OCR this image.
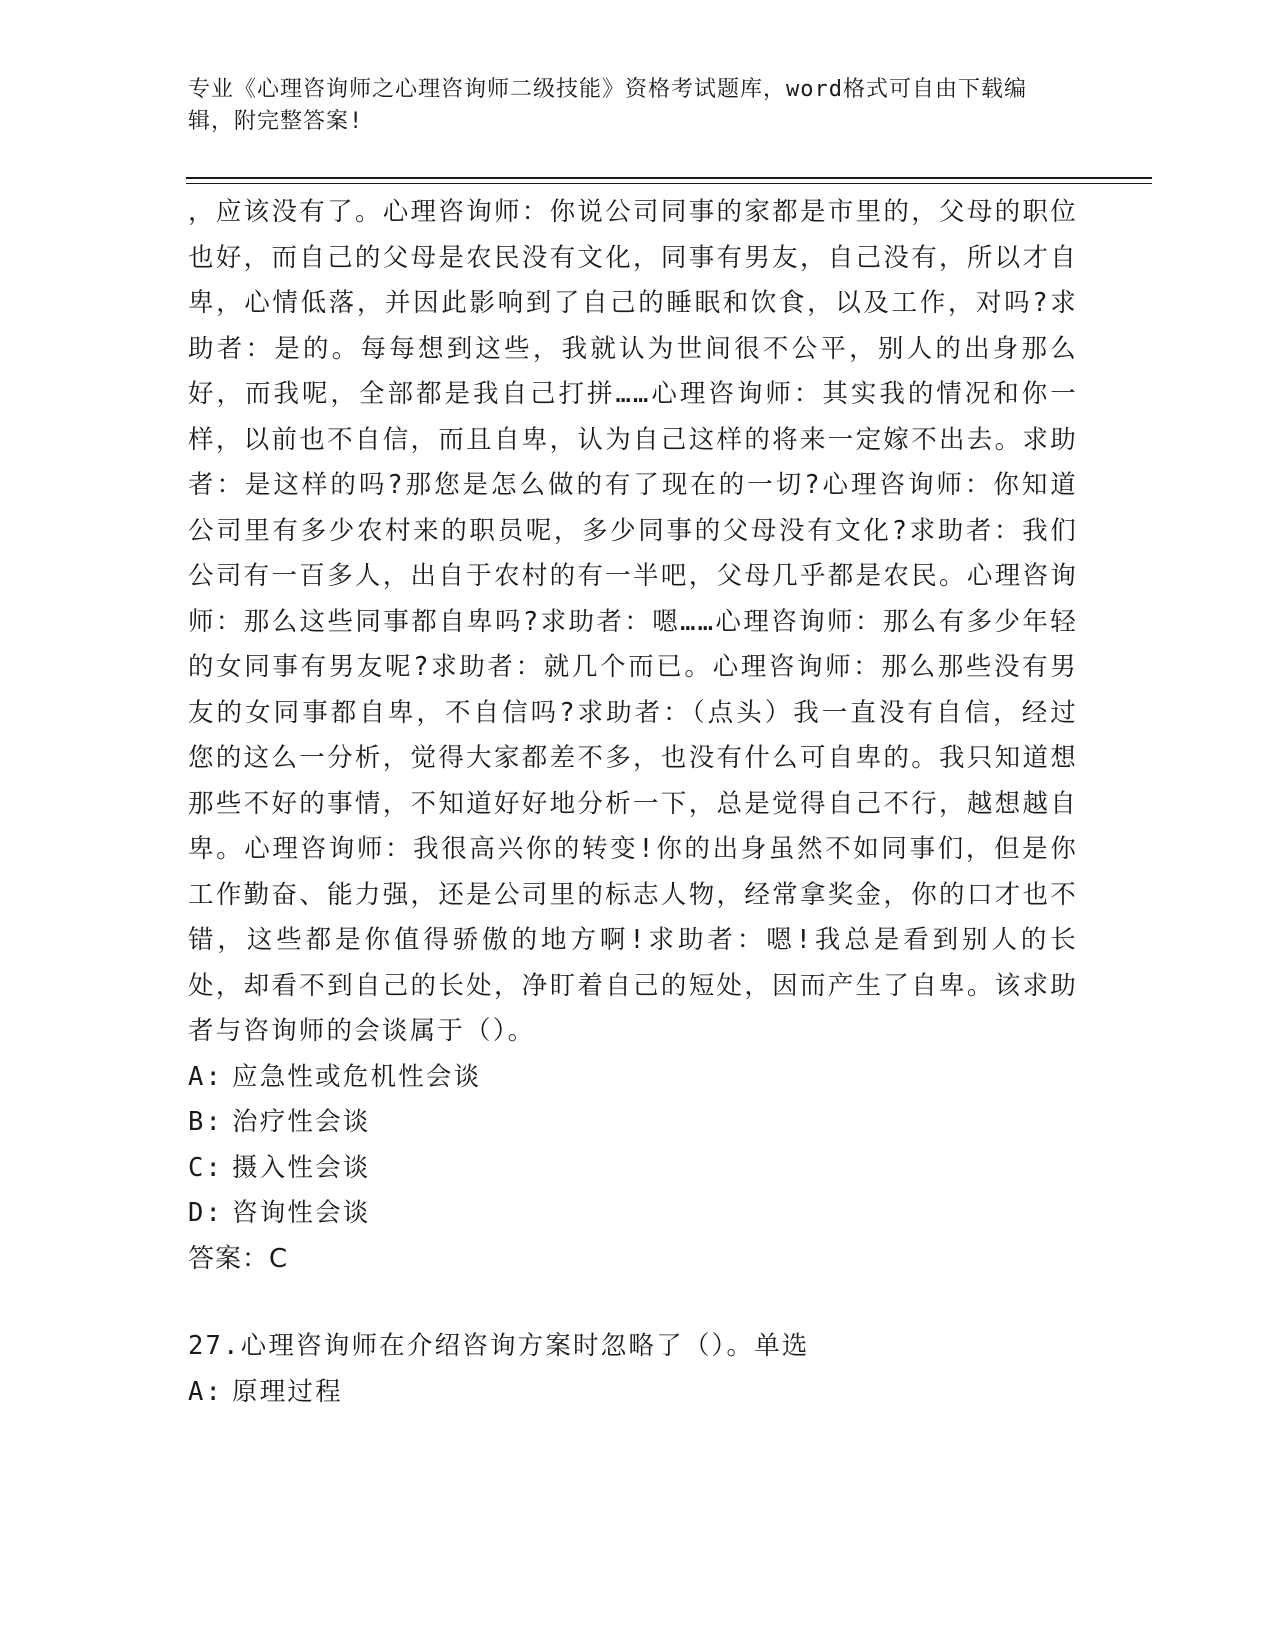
专业《心理咨询师之心理咨询师二级技能》资格考试题库，word格式可自由下载编辑，附完整答案!

，应该没有了。心理咨询师：你说公司同事的家都是市里的，父母的职位也好，而自己的父母是农民没有文化，同事有男友，自己没有，所以才自卑，心情低落，并因此影响到了自己的睡眠和饮食，以及工作，对吗?求助者：是的。每每想到这些，我就认为世间很不公平，别人的出身那么好，而我呢，全部都是我自己打拼……心理咨询师：其实我的情况和你一样，以前也不自信，而且自卑，认为自己这样的将来一定嫁不出去。求助者：是这样的吗?那您是怎么做的有了现在的一切?心理咨询师：你知道公司里有多少农村来的职员呢，多少同事的父母没有文化?求助者：我们公司有一百多人，出自于农村的有一半吧，父母几乎都是农民。心理咨询师：那么这些同事都自卑吗?求助者：嗯……心理咨询师：那么有多少年轻的女同事有男友呢?求助者：就几个而已。心理咨询师：那么那些没有男友的女同事都自卑，不自信吗?求助者：（点头）我一直没有自信，经过您的这么一分析，觉得大家都差不多，也没有什么可自卑的。我只知道想那些不好的事情，不知道好好地分析一下，总是觉得自己不行，越想越自卑。心理咨询师：我很高兴你的转变!你的出身虽然不如同事们，但是你工作勤奋、能力强，还是公司里的标志人物，经常拿奖金，你的口才也不错，这些都是你值得骄傲的地方啊!求助者：嗯!我总是看到别人的长处，却看不到自己的长处，净盯着自己的短处，因而产生了自卑。该求助者与咨询师的会谈属于（）。

A: 应急性或危机性会谈
B: 治疗性会谈
C: 摄入性会谈
D: 咨询性会谈
答案：C
27.心理咨询师在介绍咨询方案时忽略了（）。单选
A: 原理过程
